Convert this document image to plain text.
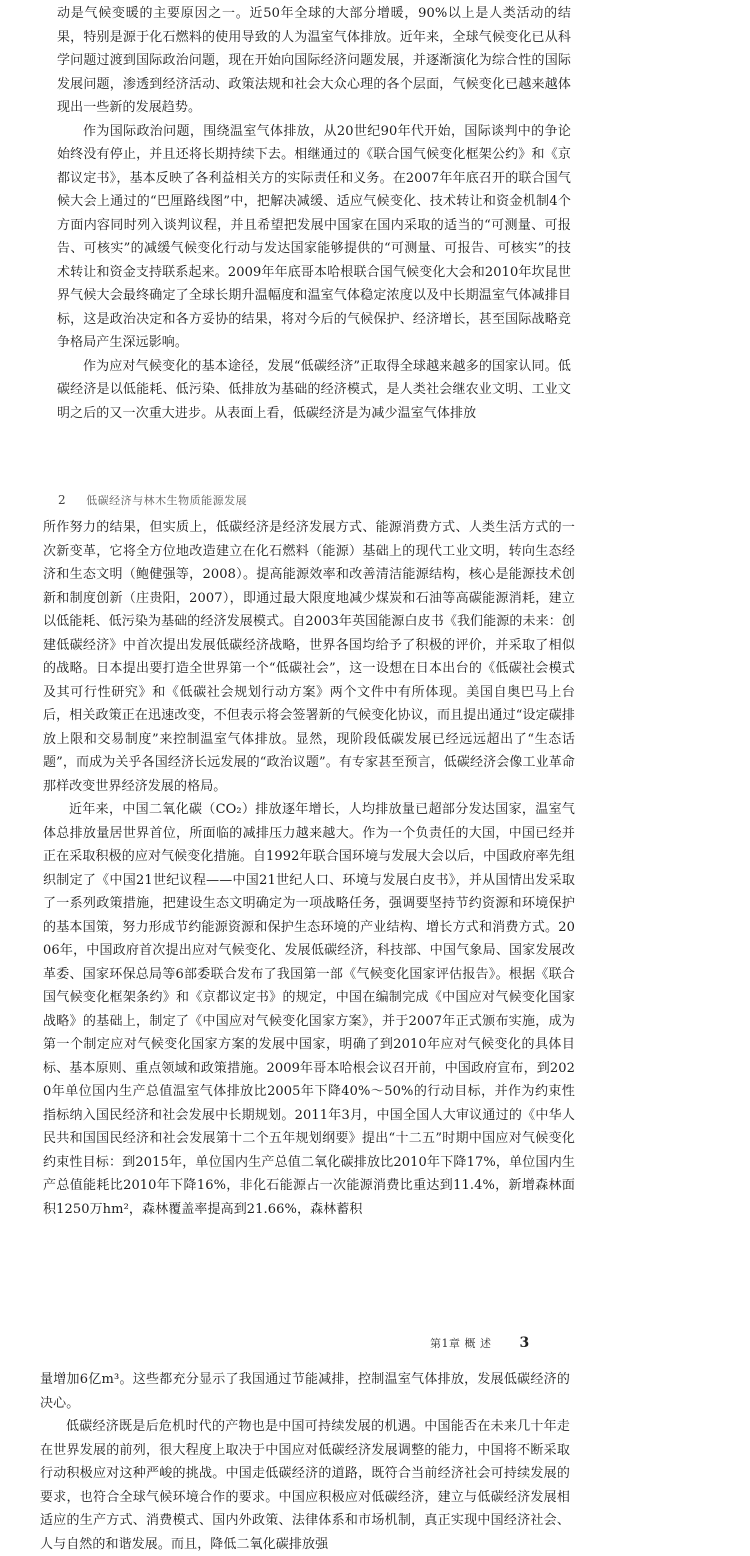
动是气候变暖的主要原因之一。近50年全球的大部分增暖，90%以上是人类活动的结果，特别是源于化石燃料的使用导致的人为温室气体排放。近年来，全球气候变化已从科学问题过渡到国际政治问题，现在开始向国际经济问题发展，并逐渐演化为综合性的国际发展问题，渗透到经济活动、政策法规和社会大众心理的各个层面，气候变化已越来越体现出一些新的发展趋势。

作为国际政治问题，围绕温室气体排放，从20世纪90年代开始，国际谈判中的争论始终没有停止，并且还将长期持续下去。相继通过的《联合国气候变化框架公约》和《京都议定书》，基本反映了各利益相关方的实际责任和义务。在2007年年底召开的联合国气候大会上通过的“巴厘路线图”中，把解决减缓、适应气候变化、技术转让和资金机制4个方面内容同时列入谈判议程，并且希望把发展中国家在国内采取的适当的“可测量、可报告、可核实”的减缓气候变化行动与发达国家能够提供的“可测量、可报告、可核实”的技术转让和资金支持联系起来。2009年年底哥本哈根联合国气候变化大会和2010年坎昆世界气候大会最终确定了全球长期升温幅度和温室气体稳定浓度以及中长期温室气体减排目标，这是政治决定和各方妥协的结果，将对今后的气候保护、经济增长，甚至国际战略竞争格局产生深远影响。

作为应对气候变化的基本途径，发展“低碳经济”正取得全球越来越多的国家认同。低碳经济是以低能耗、低污染、低排放为基础的经济模式，是人类社会继农业文明、工业文明之后的又一次重大进步。从表面上看，低碳经济是为减少温室气体排放

2 低碳经济与林木生物质能源发展

所作努力的结果，但实质上，低碳经济是经济发展方式、能源消费方式、人类生活方式的一次新变革，它将全方位地改造建立在化石燃料（能源）基础上的现代工业文明，转向生态经济和生态文明（鲍健强等，2008）。提高能源效率和改善清洁能源结构，核心是能源技术创新和制度创新（庄贵阳，2007），即通过最大限度地减少煤炭和石油等高碳能源消耗，建立以低能耗、低污染为基础的经济发展模式。自2003年英国能源白皮书《我们能源的未来：创建低碳经济》中首次提出发展低碳经济战略，世界各国均给予了积极的评价，并采取了相似的战略。日本提出要打造全世界第一个“低碳社会”，这一设想在日本出台的《低碳社会模式及其可行性研究》和《低碳社会规划行动方案》两个文件中有所体现。美国自奥巴马上台后，相关政策正在迅速改变，不但表示将会签署新的气候变化协议，而且提出通过“设定碳排放上限和交易制度”来控制温室气体排放。显然，现阶段低碳发展已经远远超出了“生态话题”，而成为关乎各国经济长远发展的“政治议题”。有专家甚至预言，低碳经济会像工业革命那样改变世界经济发展的格局。

近年来，中国二氧化碳（CO₂）排放逐年增长，人均排放量已超部分发达国家，温室气体总排放量居世界首位，所面临的减排压力越来越大。作为一个负责任的大国，中国已经并正在采取积极的应对气候变化措施。自1992年联合国环境与发展大会以后，中国政府率先组织制定了《中国21世纪议程——中国21世纪人口、环境与发展白皮书》，并从国情出发采取了一系列政策措施，把建设生态文明确定为一项战略任务，强调要坚持节约资源和环境保护的基本国策，努力形成节约能源资源和保护生态环境的产业结构、增长方式和消费方式。2006年，中国政府首次提出应对气候变化、发展低碳经济，科技部、中国气象局、国家发展改革委、国家环保总局等6部委联合发布了我国第一部《气候变化国家评估报告》。根据《联合国气候变化框架条约》和《京都议定书》的规定，中国在编制完成《中国应对气候变化国家战略》的基础上，制定了《中国应对气候变化国家方案》，并于2007年正式颁布实施，成为第一个制定应对气候变化国家方案的发展中国家，明确了到2010年应对气候变化的具体目标、基本原则、重点领域和政策措施。2009年哥本哈根会议召开前，中国政府宣布，到2020年单位国内生产总值温室气体排放比2005年下降40%～50%的行动目标，并作为约束性指标纳入国民经济和社会发展中长期规划。2011年3月，中国全国人大审议通过的《中华人民共和国国民经济和社会发展第十二个五年规划纲要》提出“十二五”时期中国应对气候变化约束性目标：到2015年，单位国内生产总值二氧化碳排放比2010年下降17%，单位国内生产总值能耗比2010年下降16%，非化石能源占一次能源消费比重达到11.4%，新增森林面积1250万hm²，森林覆盖率提高到21.66%，森林蓄积

第1章 概 述 3

量增加6亿m³。这些都充分显示了我国通过节能减排，控制温室气体排放，发展低碳经济的决心。

低碳经济既是后危机时代的产物也是中国可持续发展的机遇。中国能否在未来几十年走在世界发展的前列，很大程度上取决于中国应对低碳经济发展调整的能力，中国将不断采取行动积极应对这种严峻的挑战。中国走低碳经济的道路，既符合当前经济社会可持续发展的要求，也符合全球气候环境合作的要求。中国应积极应对低碳经济，建立与低碳经济发展相适应的生产方式、消费模式、国内外政策、法律体系和市场机制，真正实现中国经济社会、人与自然的和谐发展。而且，降低二氧化碳排放强
